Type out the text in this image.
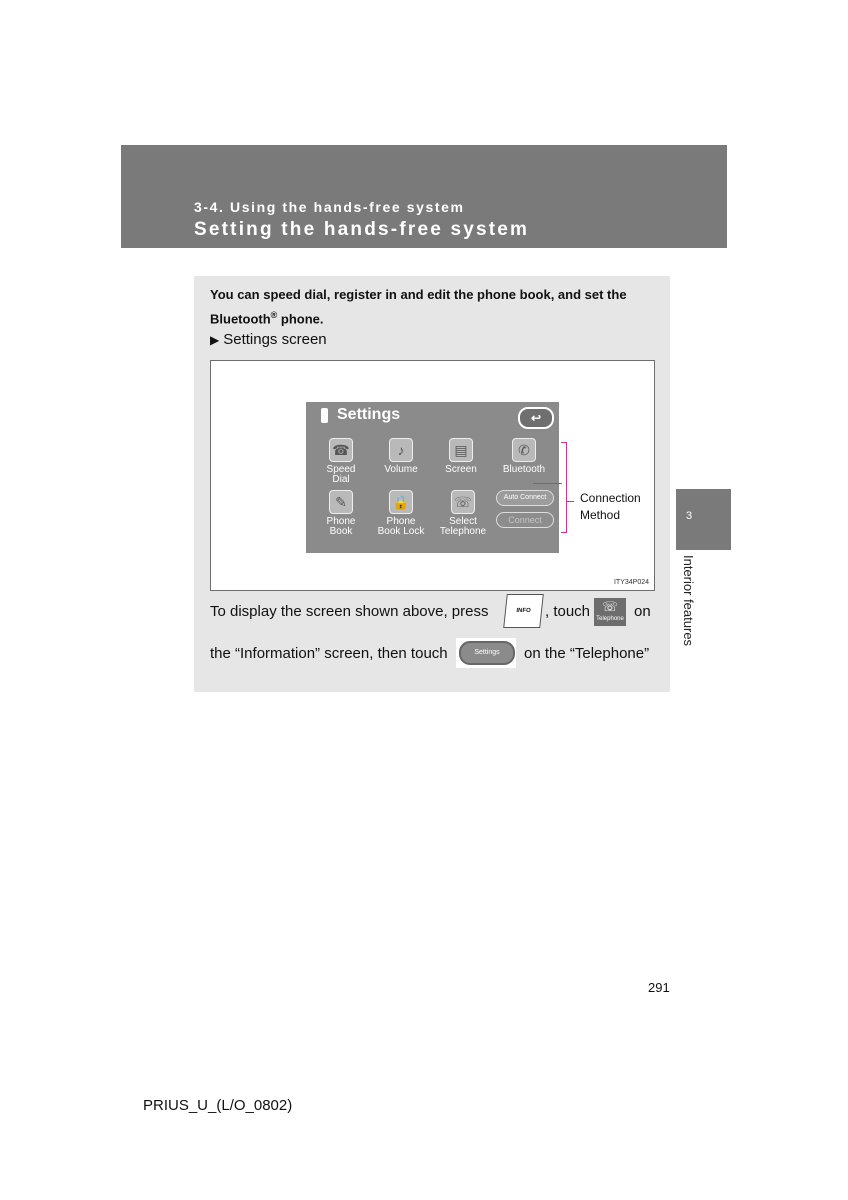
3-4. Using the hands-free system
Setting the hands-free system
3
Interior features
You can speed dial, register in and edit the phone book, and set the Bluetooth® phone.
▶ Settings screen
Settings	↩
☎
Speed Dial
♪
Volume
▤
Screen
✆
Bluetooth
✎
Phone Book
🔒
Phone Book Lock
☏
Select Telephone
Auto Connect
Connect
Connection
Method
ITY34P024
To display the screen shown above, press	INFO , touch ☏
Telephone on
the “Information” screen, then touch	Settings	on the “Telephone”
291
PRIUS_U_(L/O_0802)
